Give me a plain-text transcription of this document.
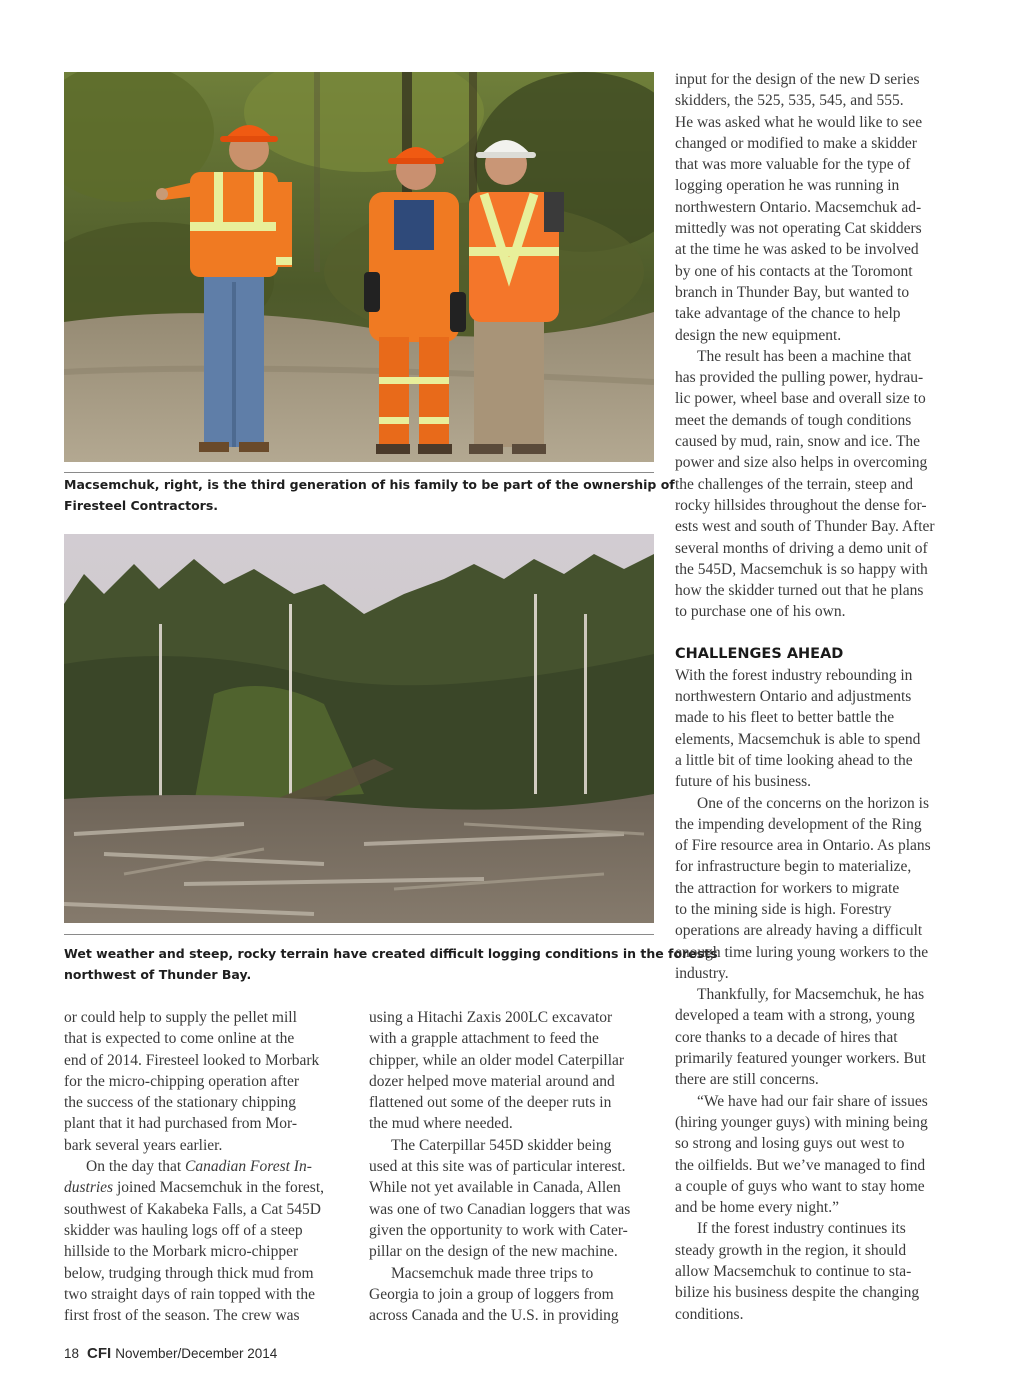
Macsemchuk, right, is the third generation of his family to be part of the ownership of
Firesteel Contractors.
Wet weather and steep, rocky terrain have created difficult logging conditions in the forests
northwest of Thunder Bay.

or could help to supply the pellet mill
that is expected to come online at the
end of 2014. Firesteel looked to Morbark
for the micro-chipping operation after
the success of the stationary chipping
plant that it had purchased from Mor-
bark several years earlier.

On the day that Canadian Forest In-
dustries joined Macsemchuk in the forest,
southwest of Kakabeka Falls, a Cat 545D
skidder was hauling logs off of a steep
hillside to the Morbark micro-chipper
below, trudging through thick mud from
two straight days of rain topped with the
first frost of the season. The crew was

using a Hitachi Zaxis 200LC excavator
with a grapple attachment to feed the
chipper, while an older model Caterpillar
dozer helped move material around and
flattened out some of the deeper ruts in
the mud where needed.

The Caterpillar 545D skidder being
used at this site was of particular interest.
While not yet available in Canada, Allen
was one of two Canadian loggers that was
given the opportunity to work with Cater-
pillar on the design of the new machine.

Macsemchuk made three trips to
Georgia to join a group of loggers from
across Canada and the U.S. in providing

input for the design of the new D series
skidders, the 525, 535, 545, and 555.
He was asked what he would like to see
changed or modified to make a skidder
that was more valuable for the type of
logging operation he was running in
northwestern Ontario. Macsemchuk ad-
mittedly was not operating Cat skidders
at the time he was asked to be involved
by one of his contacts at the Toromont
branch in Thunder Bay, but wanted to
take advantage of the chance to help
design the new equipment.

The result has been a machine that
has provided the pulling power, hydrau-
lic power, wheel base and overall size to
meet the demands of tough conditions
caused by mud, rain, snow and ice. The
power and size also helps in overcoming
the challenges of the terrain, steep and
rocky hillsides throughout the dense for-
ests west and south of Thunder Bay. After
several months of driving a demo unit of
the 545D, Macsemchuk is so happy with
how the skidder turned out that he plans
to purchase one of his own.

CHALLENGES AHEAD

With the forest industry rebounding in
northwestern Ontario and adjustments
made to his fleet to better battle the
elements, Macsemchuk is able to spend
a little bit of time looking ahead to the
future of his business.

One of the concerns on the horizon is
the impending development of the Ring
of Fire resource area in Ontario. As plans
for infrastructure begin to materialize,
the attraction for workers to migrate
to the mining side is high. Forestry
operations are already having a difficult
enough time luring young workers to the
industry.

Thankfully, for Macsemchuk, he has
developed a team with a strong, young
core thanks to a decade of hires that
primarily featured younger workers. But
there are still concerns.

“We have had our fair share of issues
(hiring younger guys) with mining being
so strong and losing guys out west to
the oilfields. But we’ve managed to find
a couple of guys who want to stay home
and be home every night.”

If the forest industry continues its
steady growth in the region, it should
allow Macsemchuk to continue to sta-
bilize his business despite the changing
conditions.

18 CFI November/December 2014
